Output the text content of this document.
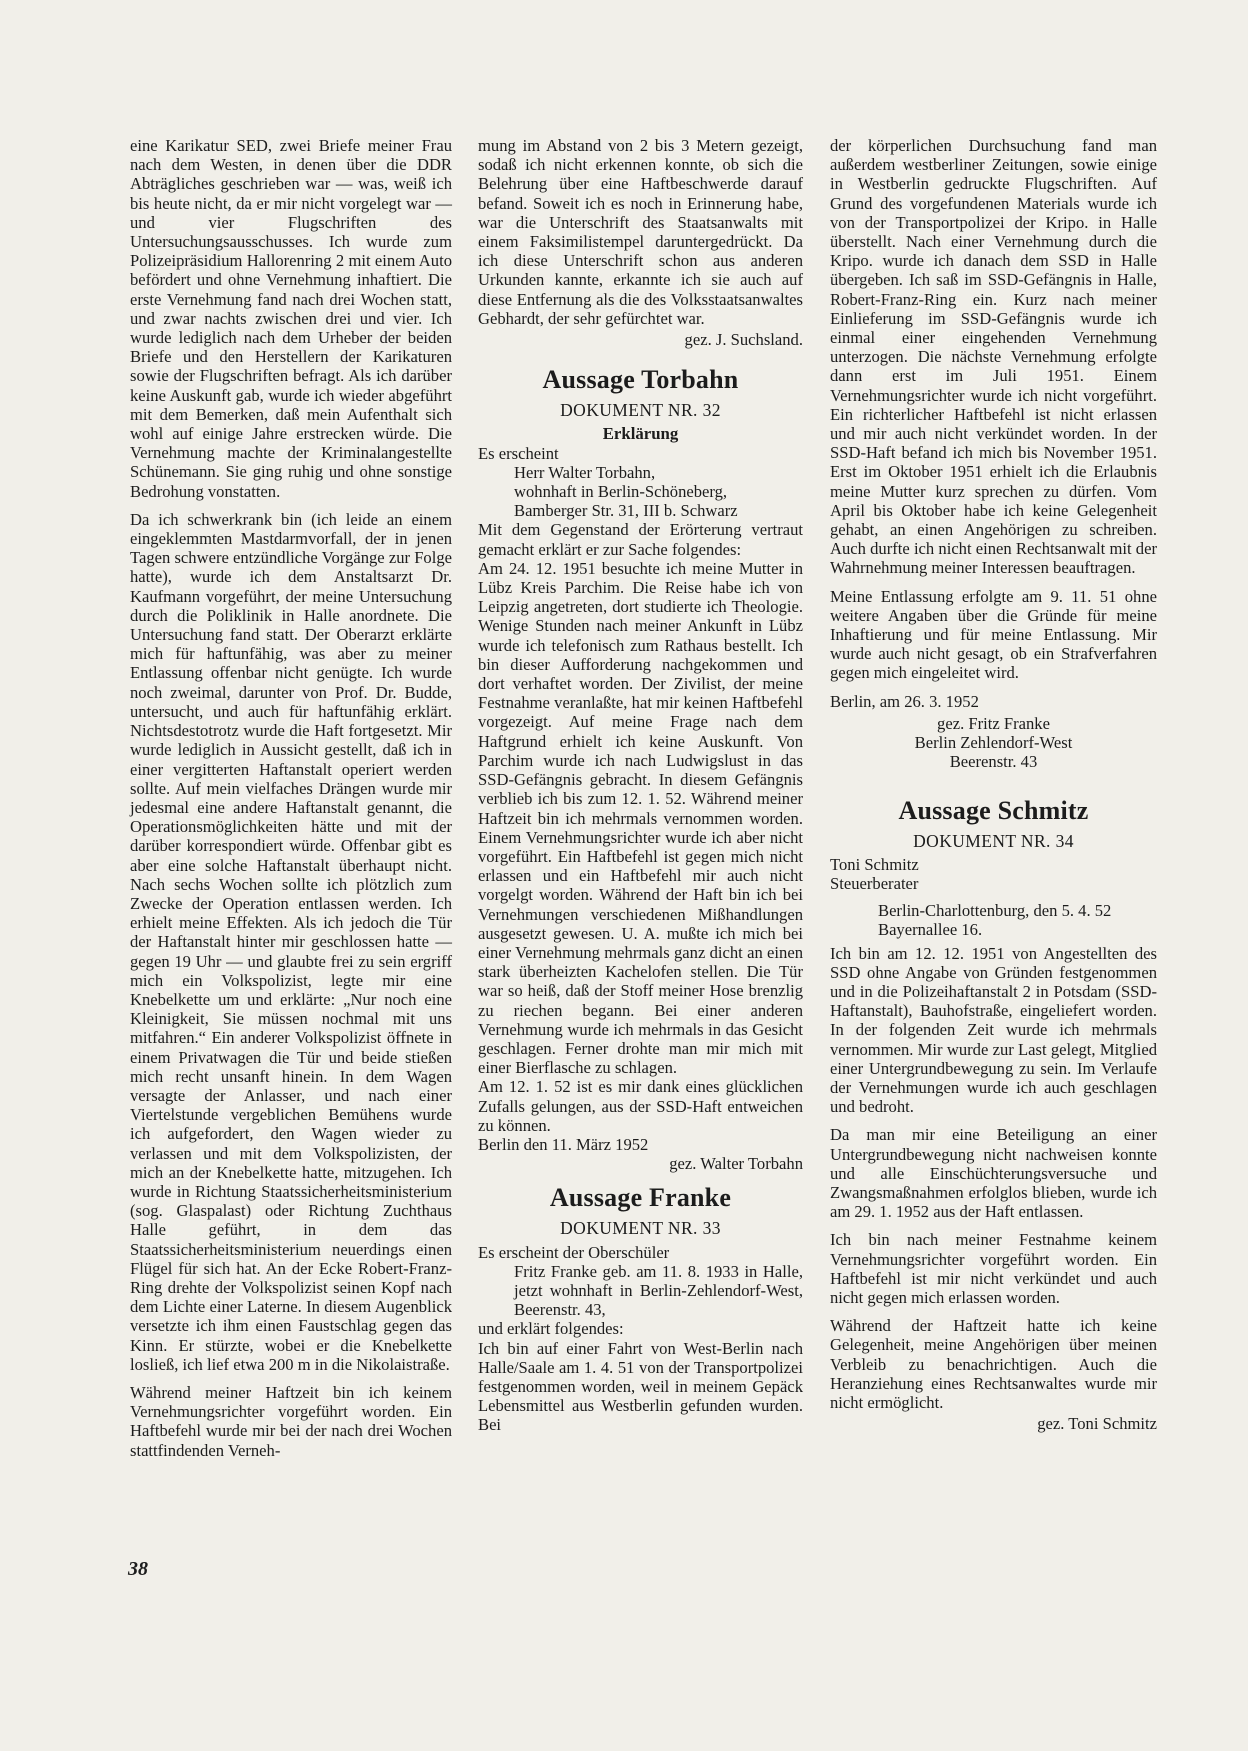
eine Karikatur SED, zwei Briefe meiner Frau nach dem Westen, in denen über die DDR Abträgliches geschrieben war — was, weiß ich bis heute nicht, da er mir nicht vorgelegt war — und vier Flugschriften des Untersuchungsausschusses. Ich wurde zum Polizeipräsidium Hallorenring 2 mit einem Auto befördert und ohne Vernehmung inhaftiert. Die erste Vernehmung fand nach drei Wochen statt, und zwar nachts zwischen drei und vier. Ich wurde lediglich nach dem Urheber der beiden Briefe und den Herstellern der Karikaturen sowie der Flugschriften befragt. Als ich darüber keine Auskunft gab, wurde ich wieder abgeführt mit dem Bemerken, daß mein Aufenthalt sich wohl auf einige Jahre erstrecken würde. Die Vernehmung machte der Kriminalangestellte Schünemann. Sie ging ruhig und ohne sonstige Bedrohung vonstatten.

Da ich schwerkrank bin (ich leide an einem eingeklemmten Mastdarmvorfall, der in jenen Tagen schwere entzündliche Vorgänge zur Folge hatte), wurde ich dem Anstaltsarzt Dr. Kaufmann vorgeführt, der meine Untersuchung durch die Poliklinik in Halle anordnete. Die Untersuchung fand statt. Der Oberarzt erklärte mich für haftunfähig, was aber zu meiner Entlassung offenbar nicht genügte. Ich wurde noch zweimal, darunter von Prof. Dr. Budde, untersucht, und auch für haftunfähig erklärt. Nichtsdestotrotz wurde die Haft fortgesetzt. Mir wurde lediglich in Aussicht gestellt, daß ich in einer vergitterten Haftanstalt operiert werden sollte. Auf mein vielfaches Drängen wurde mir jedesmal eine andere Haftanstalt genannt, die Operationsmöglichkeiten hätte und mit der darüber korrespondiert würde. Offenbar gibt es aber eine solche Haftanstalt überhaupt nicht. Nach sechs Wochen sollte ich plötzlich zum Zwecke der Operation entlassen werden. Ich erhielt meine Effekten. Als ich jedoch die Tür der Haftanstalt hinter mir geschlossen hatte — gegen 19 Uhr — und glaubte frei zu sein ergriff mich ein Volkspolizist, legte mir eine Knebelkette um und erklärte: „Nur noch eine Kleinigkeit, Sie müssen nochmal mit uns mitfahren.“ Ein anderer Volkspolizist öffnete in einem Privatwagen die Tür und beide stießen mich recht unsanft hinein. In dem Wagen versagte der Anlasser, und nach einer Viertelstunde vergeblichen Bemühens wurde ich aufgefordert, den Wagen wieder zu verlassen und mit dem Volkspolizisten, der mich an der Knebelkette hatte, mitzugehen. Ich wurde in Richtung Staatssicherheitsministerium (sog. Glaspalast) oder Richtung Zuchthaus Halle geführt, in dem das Staatssicherheitsministerium neuerdings einen Flügel für sich hat. An der Ecke Robert-Franz-Ring drehte der Volkspolizist seinen Kopf nach dem Lichte einer Laterne. In diesem Augenblick versetzte ich ihm einen Faustschlag gegen das Kinn. Er stürzte, wobei er die Knebelkette losließ, ich lief etwa 200 m in die Nikolaistraße.

Während meiner Haftzeit bin ich keinem Vernehmungsrichter vorgeführt worden. Ein Haftbefehl wurde mir bei der nach drei Wochen stattfindenden Verneh-

mung im Abstand von 2 bis 3 Metern gezeigt, sodaß ich nicht erkennen konnte, ob sich die Belehrung über eine Haftbeschwerde darauf befand. Soweit ich es noch in Erinnerung habe, war die Unterschrift des Staatsanwalts mit einem Faksimilistempel daruntergedrückt. Da ich diese Unterschrift schon aus anderen Urkunden kannte, erkannte ich sie auch auf diese Entfernung als die des Volksstaatsanwaltes Gebhardt, der sehr gefürchtet war.

gez. J. Suchsland.

Aussage Torbahn

DOKUMENT NR. 32

Erklärung

Es erscheint

Herr Walter Torbahn,

wohnhaft in Berlin-Schöneberg,

Bamberger Str. 31, III b. Schwarz

Mit dem Gegenstand der Erörterung vertraut gemacht erklärt er zur Sache folgendes:

Am 24. 12. 1951 besuchte ich meine Mutter in Lübz Kreis Parchim. Die Reise habe ich von Leipzig angetreten, dort studierte ich Theologie. Wenige Stunden nach meiner Ankunft in Lübz wurde ich telefonisch zum Rathaus bestellt. Ich bin dieser Aufforderung nachgekommen und dort verhaftet worden. Der Zivilist, der meine Festnahme veranlaßte, hat mir keinen Haftbefehl vorgezeigt. Auf meine Frage nach dem Haftgrund erhielt ich keine Auskunft. Von Parchim wurde ich nach Ludwigslust in das SSD-Gefängnis gebracht. In diesem Gefängnis verblieb ich bis zum 12. 1. 52. Während meiner Haftzeit bin ich mehrmals vernommen worden. Einem Vernehmungsrichter wurde ich aber nicht vorgeführt. Ein Haftbefehl ist gegen mich nicht erlassen und ein Haftbefehl mir auch nicht vorgelgt worden. Während der Haft bin ich bei Vernehmungen verschiedenen Mißhandlungen ausgesetzt gewesen. U. A. mußte ich mich bei einer Vernehmung mehrmals ganz dicht an einen stark überheizten Kachelofen stellen. Die Tür war so heiß, daß der Stoff meiner Hose brenzlig zu riechen begann. Bei einer anderen Vernehmung wurde ich mehrmals in das Gesicht geschlagen. Ferner drohte man mir mich mit einer Bierflasche zu schlagen.

Am 12. 1. 52 ist es mir dank eines glücklichen Zufalls gelungen, aus der SSD-Haft entweichen zu können.

Berlin den 11. März 1952

gez. Walter Torbahn

Aussage Franke

DOKUMENT NR. 33

Es erscheint der Oberschüler

Fritz Franke geb. am 11. 8. 1933 in Halle, jetzt wohnhaft in Berlin-Zehlendorf-West, Beerenstr. 43,

und erklärt folgendes:

Ich bin auf einer Fahrt von West-Berlin nach Halle/Saale am 1. 4. 51 von der Transportpolizei festgenommen worden, weil in meinem Gepäck Lebensmittel aus Westberlin gefunden wurden. Bei

der körperlichen Durchsuchung fand man außerdem westberliner Zeitungen, sowie einige in Westberlin gedruckte Flugschriften. Auf Grund des vorgefundenen Materials wurde ich von der Transportpolizei der Kripo. in Halle überstellt. Nach einer Vernehmung durch die Kripo. wurde ich danach dem SSD in Halle übergeben. Ich saß im SSD-Gefängnis in Halle, Robert-Franz-Ring ein. Kurz nach meiner Einlieferung im SSD-Gefängnis wurde ich einmal einer eingehenden Vernehmung unterzogen. Die nächste Vernehmung erfolgte dann erst im Juli 1951. Einem Vernehmungsrichter wurde ich nicht vorgeführt. Ein richterlicher Haftbefehl ist nicht erlassen und mir auch nicht verkündet worden. In der SSD-Haft befand ich mich bis November 1951. Erst im Oktober 1951 erhielt ich die Erlaubnis meine Mutter kurz sprechen zu dürfen. Vom April bis Oktober habe ich keine Gelegenheit gehabt, an einen Angehörigen zu schreiben. Auch durfte ich nicht einen Rechtsanwalt mit der Wahrnehmung meiner Interessen beauftragen.

Meine Entlassung erfolgte am 9. 11. 51 ohne weitere Angaben über die Gründe für meine Inhaftierung und für meine Entlassung. Mir wurde auch nicht gesagt, ob ein Strafverfahren gegen mich eingeleitet wird.

Berlin, am 26. 3. 1952

gez. Fritz Franke

Berlin Zehlendorf-West

Beerenstr. 43

Aussage Schmitz

DOKUMENT NR. 34

Toni Schmitz

Steuerberater

Berlin-Charlottenburg, den 5. 4. 52

Bayernallee 16.

Ich bin am 12. 12. 1951 von Angestellten des SSD ohne Angabe von Gründen festgenommen und in die Polizeihaftanstalt 2 in Potsdam (SSD-Haftanstalt), Bauhofstraße, eingeliefert worden. In der folgenden Zeit wurde ich mehrmals vernommen. Mir wurde zur Last gelegt, Mitglied einer Untergrundbewegung zu sein. Im Verlaufe der Vernehmungen wurde ich auch geschlagen und bedroht.

Da man mir eine Beteiligung an einer Untergrundbewegung nicht nachweisen konnte und alle Einschüchterungsversuche und Zwangsmaßnahmen erfolglos blieben, wurde ich am 29. 1. 1952 aus der Haft entlassen.

Ich bin nach meiner Festnahme keinem Vernehmungsrichter vorgeführt worden. Ein Haftbefehl ist mir nicht verkündet und auch nicht gegen mich erlassen worden.

Während der Haftzeit hatte ich keine Gelegenheit, meine Angehörigen über meinen Verbleib zu benachrichtigen. Auch die Heranziehung eines Rechtsanwaltes wurde mir nicht ermöglicht.

gez. Toni Schmitz

38
